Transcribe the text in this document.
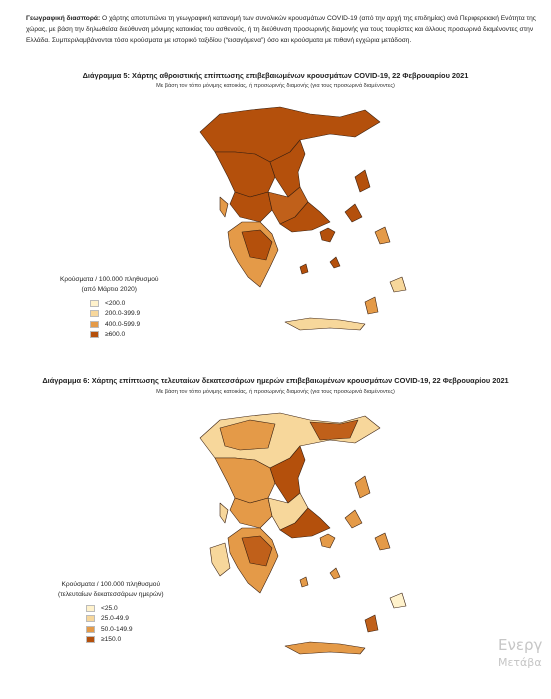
Γεωγραφική διασπορά: Ο χάρτης αποτυπώνει τη γεωγραφική κατανομή των συνολικών κρουσμάτων COVID-19 (από την αρχή της επιδημίας) ανά Περιφερειακή Ενότητα της χώρας, με βάση την δηλωθείσα διεύθυνση μόνιμης κατοικίας του ασθενούς, ή τη διεύθυνση προσωρινής διαμονής για τους τουρίστες και άλλους προσωρινά διαμένοντες στην Ελλάδα. Συμπεριλαμβάνονται τόσο κρούσματα με ιστορικό ταξιδίου (“εισαγόμενα”) όσο και κρούσματα με πιθανή εγχώρια μετάδοση.
Διάγραμμα 5: Χάρτης αθροιστικής επίπτωσης επιβεβαιωμένων κρουσμάτων COVID-19, 22 Φεβρουαρίου 2021
Με βάση τον τόπο μόνιμης κατοικίας, ή προσωρινής διαμονής (για τους προσωρινά διαμένοντες)
Κρούσματα / 100.000 πληθυσμού
(από Μάρτιο 2020)
<200.0
200.0-399.9
400.0-599.9
≥600.0
Διάγραμμα 6: Χάρτης επίπτωσης τελευταίων δεκατεσσάρων ημερών επιβεβαιωμένων κρουσμάτων COVID-19, 22 Φεβρουαρίου 2021
Με βάση τον τόπο μόνιμης κατοικίας, ή προσωρινής διαμονής (για τους προσωρινά διαμένοντες)
Κρούσματα / 100.000 πληθυσμού
(τελευταίων δεκατεσσάρων ημερών)
<25.0
25.0-49.9
50.0-149.9
≥150.0	Ενεργ
Μετάβα
